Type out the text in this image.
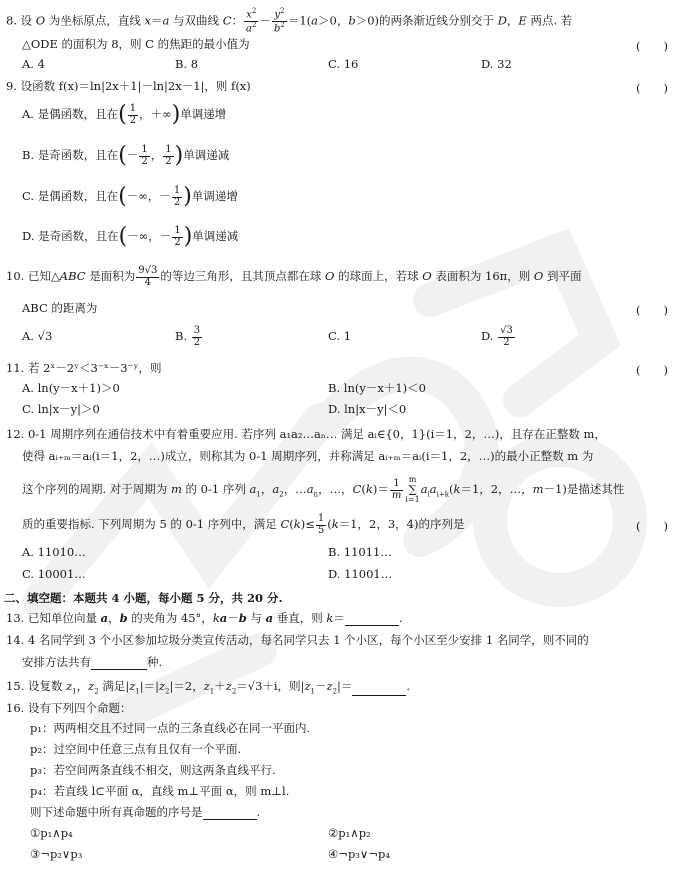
8. 设 O 为坐标原点，直线 x＝a 与双曲线 C： $\frac{x^2}{a^2} - \frac{y^2}{b^2} =1(a>0$，b＞0)的两条渐近线分别交于 D，E 两点. 若
△ODE 的面积为 8，则 C 的焦距的最小值为	(　　)
A. 4	B. 8	C. 16	D. 32
9. 设函数 f(x)＝ln|2x＋1|－ln|2x－1|，则 f(x)	(　　)
A. 是偶函数，且在( $\frac{1}{2}$ ，＋∞)单调递增
B. 是奇函数，且在(－ $\frac{1}{2}$ ， $\frac{1}{2}$ )单调递减
C. 是偶函数，且在(－∞，－ $\frac{1}{2}$ )单调递增
D. 是奇函数，且在(－∞，－ $\frac{1}{2}$ )单调递减
10. 已知△ABC 是面积为 $\frac{9√3}{4}$ 的等边三角形，且其顶点都在球 O 的球面上，若球 O 表面积为 16π，则 O 到平面
ABC 的距离为	(　　)
A. √3	B. $\frac{3}{2}$	C. 1	D. $\frac{√3}{2}$
11. 若 2ˣ－2ʸ＜3⁻ˣ－3⁻ʸ，则	(　　)
A. ln(y－x＋1)＞0	B. ln(y－x＋1)＜0
C. ln|x－y|＞0	D. ln|x－y|＜0
12. 0-1 周期序列在通信技术中有着重要应用. 若序列 a₁a₂…aₙ… 满足 aᵢ∈{0，1}(i＝1，2，…)，且存在正整数 m，
使得 aᵢ₊ₘ＝aᵢ(i＝1，2，…)成立，则称其为 0-1 周期序列，并称满足 aᵢ₊ₘ＝aᵢ(i＝1，2，…)的最小正整数 m 为
这个序列的周期. 对于周期为 m 的 0-1 序列 $a_1$，$a_2$，$\dots a_n$，…，$C(k)= \frac{1}{m}$ m
∑
i=1
$a_ia_{i+k}(k=1$，2，…，m－1)是描述其性
质的重要指标. 下列周期为 5 的 0-1 序列中，满足 $C(k)\le \frac{1}{5} (k=1$，2，3，4)的序列是	(　　)
A. 11010…	B. 11011…
C. 10001…	D. 11001…
二、填空题：本题共 4 小题，每小题 5 分，共 20 分.
13. 已知单位向量 a，b 的夹角为 45°，ka－b 与 a 垂直，则 k＝	.
14. 4 名同学到 3 个小区参加垃圾分类宣传活动，每名同学只去 1 个小区，每个小区至少安排 1 名同学，则不同的
安排方法共有	种.
15. 设复数 $z_1$，$z_2$ 满足$|z_1|=|z_2|=2$，$z_1+z_2=√3+i$，则$|z_1-z_2|=$	.
16. 设有下列四个命题：
p₁：两两相交且不过同一点的三条直线必在同一平面内.
p₂：过空间中任意三点有且仅有一个平面.
p₃：若空间两条直线不相交，则这两条直线平行.
p₄：若直线 l⊂平面 α，直线 m⊥平面 α，则 m⊥l.
则下述命题中所有真命题的序号是	.
①p₁∧p₄	②p₁∧p₂
③¬p₂∨p₃	④¬p₃∨¬p₄
